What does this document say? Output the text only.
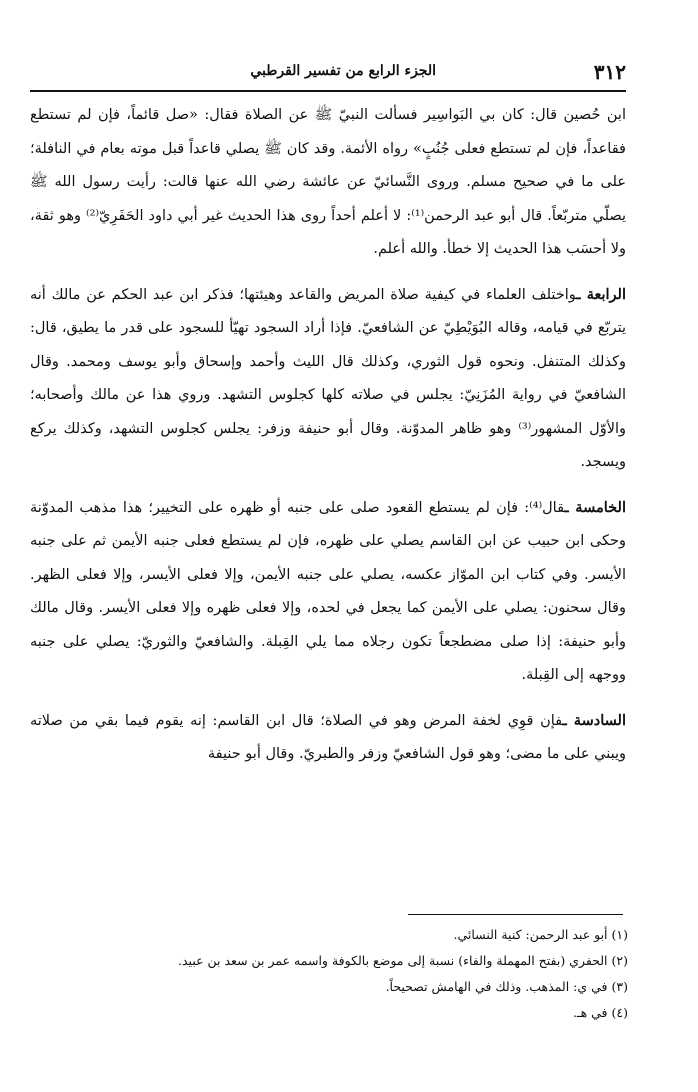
٣١٢
الجزء الرابع من تفسير القرطبي

ابن حُصين قال: كان بي البَواسِير فسألت النبيّ ﷺ عن الصلاة فقال: «صل قائماً، فإن لم تستطع فقاعداً، فإن لم تستطع فعلى جُنُبٍ» رواه الأئمة. وقد كان ﷺ يصلي قاعداً قبل موته بعام في النافلة؛ على ما في صحيح مسلم. وروى النَّسائيّ عن عائشة رضي الله عنها قالت: رأيت رسول الله ﷺ يصلّي متربّعاً. قال أبو عبد الرحمن⁽¹⁾: لا أعلم أحداً روى هذا الحديث غير أبي داود الحَفَرِيّ⁽²⁾ وهو ثقة، ولا أحسَب هذا الحديث إلا خطأ. والله أعلم.

الرابعة ـواختلف العلماء في كيفية صلاة المريض والقاعد وهيئتها؛ فذكر ابن عبد الحكم عن مالك أنه يتربّع في قيامه، وقاله البُوَيْطِيّ عن الشافعيّ. فإذا أراد السجود تهيّأ للسجود على قدر ما يطيق، قال: وكذلك المتنفل. ونحوه قول الثوري، وكذلك قال الليث وأحمد وإسحاق وأبو يوسف ومحمد. وقال الشافعيّ في رواية المُزَنِيّ: يجلس في صلاته كلها كجلوس التشهد. وروي هذا عن مالك وأصحابه؛ والأوّل المشهور⁽³⁾ وهو ظاهر المدوّنة. وقال أبو حنيفة وزفر: يجلس كجلوس التشهد، وكذلك يركع ويسجد.

الخامسة ـقال⁽⁴⁾: فإن لم يستطع القعود صلى على جنبه أو ظهره على التخيير؛ هذا مذهب المدوّنة وحكى ابن حبيب عن ابن القاسم يصلي على ظهره، فإن لم يستطع فعلى جنبه الأيمن ثم على جنبه الأيسر. وفي كتاب ابن الموّاز عكسه، يصلي على جنبه الأيمن، وإلا فعلى الأيسر، وإلا فعلى الظهر. وقال سحنون: يصلي على الأيمن كما يجعل في لحده، وإلا فعلى ظهره وإلا فعلى الأيسر. وقال مالك وأبو حنيفة: إذا صلى مضطجعاً تكون رجلاه مما يلي القِبلة. والشافعيّ والثوريّ: يصلي على جنبه ووجهه إلى القِبلة.

السادسة ـفإن قوِي لخفة المرض وهو في الصلاة؛ قال ابن القاسم: إنه يقوم فيما بقي من صلاته ويبني على ما مضى؛ وهو قول الشافعيّ وزفر والطبريّ. وقال أبو حنيفة

(١) أبو عبد الرحمن: كنية النسائي.
(٢) الحفري (بفتح المهملة والفاء) نسبة إلى موضع بالكوفة واسمه عمر بن سعد بن عبيد.
(٣) في ي: المذهب. وذلك في الهامش تصحيحاً.
(٤) في هـ.
